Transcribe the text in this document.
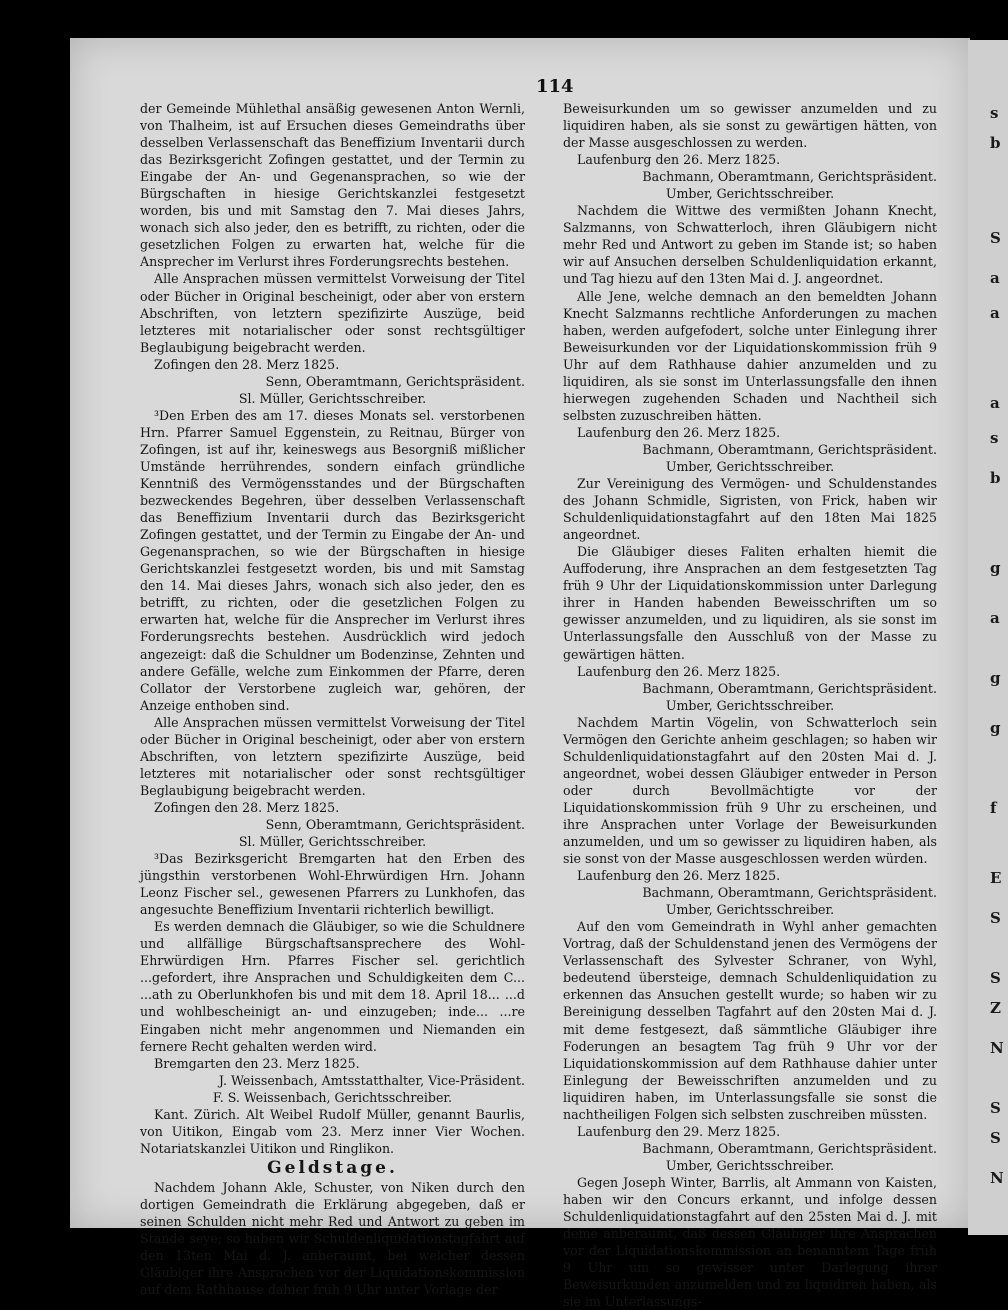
s
b
S
a
a
a
s
b
g
a
g
g
f
E
S
S
Z
N
S
S
N
114

der Gemeinde Mühlethal ansäßig gewesenen Anton Wernli, von Thalheim, ist auf Ersuchen dieses Gemeindraths über desselben Verlassenschaft das Beneffizium Inventarii durch das Bezirksgericht Zofingen gestattet, und der Termin zu Eingabe der An- und Gegenansprachen, so wie der Bürgschaften in hiesige Gerichtskanzlei festgesetzt worden, bis und mit Samstag den 7. Mai dieses Jahrs, wonach sich also jeder, den es betrifft, zu richten, oder die gesetzlichen Folgen zu erwarten hat, welche für die Ansprecher im Verlurst ihres Forderungsrechts bestehen.

Alle Ansprachen müssen vermittelst Vorweisung der Titel oder Bücher in Original bescheinigt, oder aber von erstern Abschriften, von letztern spezifizirte Auszüge, beid letzteres mit notarialischer oder sonst rechtsgültiger Beglaubigung beigebracht werden.

Zofingen den 28. Merz 1825.

Senn, Oberamtmann, Gerichtspräsident.

Sl. Müller, Gerichtsschreiber.

³Den Erben des am 17. dieses Monats sel. verstorbenen Hrn. Pfarrer Samuel Eggenstein, zu Reitnau, Bürger von Zofingen, ist auf ihr, keineswegs aus Besorgniß mißlicher Umstände herrührendes, sondern einfach gründliche Kenntniß des Vermögensstandes und der Bürgschaften bezweckendes Begehren, über desselben Verlassenschaft das Beneffizium Inventarii durch das Bezirksgericht Zofingen gestattet, und der Termin zu Eingabe der An- und Gegenansprachen, so wie der Bürgschaften in hiesige Gerichtskanzlei festgesetzt worden, bis und mit Samstag den 14. Mai dieses Jahrs, wonach sich also jeder, den es betrifft, zu richten, oder die gesetzlichen Folgen zu erwarten hat, welche für die Ansprecher im Verlurst ihres Forderungsrechts bestehen. Ausdrücklich wird jedoch angezeigt: daß die Schuldner um Bodenzinse, Zehnten und andere Gefälle, welche zum Einkommen der Pfarre, deren Collator der Verstorbene zugleich war, gehören, der Anzeige enthoben sind.

Alle Ansprachen müssen vermittelst Vorweisung der Titel oder Bücher in Original bescheinigt, oder aber von erstern Abschriften, von letztern spezifizirte Auszüge, beid letzteres mit notarialischer oder sonst rechtsgültiger Beglaubigung beigebracht werden.

Zofingen den 28. Merz 1825.

Senn, Oberamtmann, Gerichtspräsident.

Sl. Müller, Gerichtsschreiber.

³Das Bezirksgericht Bremgarten hat den Erben des jüngsthin verstorbenen Wohl-Ehrwürdigen Hrn. Johann Leonz Fischer sel., gewesenen Pfarrers zu Lunkhofen, das angesuchte Beneffizium Inventarii richterlich bewilligt.

Es werden demnach die Gläubiger, so wie die Schuldnere und allfällige Bürgschaftsansprechere des Wohl-Ehrwürdigen Hrn. Pfarres Fischer sel. gerichtlich ...gefordert, ihre Ansprachen und Schuldigkeiten dem C... ...ath zu Oberlunkhofen bis und mit dem 18. April 18... ...d und wohlbescheinigt an- und einzugeben; inde... ...re Eingaben nicht mehr angenommen und Niemanden ein fernere Recht gehalten werden wird.

Bremgarten den 23. Merz 1825.

J. Weissenbach, Amtsstatthalter, Vice-Präsident.

F. S. Weissenbach, Gerichtsschreiber.

Kant. Zürich. Alt Weibel Rudolf Müller, genannt Baurlis, von Uitikon, Eingab vom 23. Merz inner Vier Wochen. Notariatskanzlei Uitikon und Ringlikon.

Geldstage.

Nachdem Johann Akle, Schuster, von Niken durch den dortigen Gemeindrath die Erklärung abgegeben, daß er seinen Schulden nicht mehr Red und Antwort zu geben im Stande seye; so haben wir Schuldenliquidationstagfahrt auf den 13ten Mai d. J. anberaumt, bei welcher dessen Gläubiger ihre Ansprachen vor der Liquidationskommission auf dem Rathhause dahier früh 9 Uhr unter Vorlage der

Beweisurkunden um so gewisser anzumelden und zu liquidiren haben, als sie sonst zu gewärtigen hätten, von der Masse ausgeschlossen zu werden.

Laufenburg den 26. Merz 1825.

Bachmann, Oberamtmann, Gerichtspräsident.

Umber, Gerichtsschreiber.

Nachdem die Wittwe des vermißten Johann Knecht, Salzmanns, von Schwatterloch, ihren Gläubigern nicht mehr Red und Antwort zu geben im Stande ist; so haben wir auf Ansuchen derselben Schuldenliquidation erkannt, und Tag hiezu auf den 13ten Mai d. J. angeordnet.

Alle Jene, welche demnach an den bemeldten Johann Knecht Salzmanns rechtliche Anforderungen zu machen haben, werden aufgefodert, solche unter Einlegung ihrer Beweisurkunden vor der Liquidationskommission früh 9 Uhr auf dem Rathhause dahier anzumelden und zu liquidiren, als sie sonst im Unterlassungsfalle den ihnen hierwegen zugehenden Schaden und Nachtheil sich selbsten zuzuschreiben hätten.

Laufenburg den 26. Merz 1825.

Bachmann, Oberamtmann, Gerichtspräsident.

Umber, Gerichtsschreiber.

Zur Vereinigung des Vermögen- und Schuldenstandes des Johann Schmidle, Sigristen, von Frick, haben wir Schuldenliquidationstagfahrt auf den 18ten Mai 1825 angeordnet.

Die Gläubiger dieses Faliten erhalten hiemit die Auffoderung, ihre Ansprachen an dem festgesetzten Tag früh 9 Uhr der Liquidationskommission unter Darlegung ihrer in Handen habenden Beweisschriften um so gewisser anzumelden, und zu liquidiren, als sie sonst im Unterlassungsfalle den Ausschluß von der Masse zu gewärtigen hätten.

Laufenburg den 26. Merz 1825.

Bachmann, Oberamtmann, Gerichtspräsident.

Umber, Gerichtsschreiber.

Nachdem Martin Vögelin, von Schwatterloch sein Vermögen den Gerichte anheim geschlagen; so haben wir Schuldenliquidationstagfahrt auf den 20sten Mai d. J. angeordnet, wobei dessen Gläubiger entweder in Person oder durch Bevollmächtigte vor der Liquidationskommission früh 9 Uhr zu erscheinen, und ihre Ansprachen unter Vorlage der Beweisurkunden anzumelden, und um so gewisser zu liquidiren haben, als sie sonst von der Masse ausgeschlossen werden würden.

Laufenburg den 26. Merz 1825.

Bachmann, Oberamtmann, Gerichtspräsident.

Umber, Gerichtsschreiber.

Auf den vom Gemeindrath in Wyhl anher gemachten Vortrag, daß der Schuldenstand jenen des Vermögens der Verlassenschaft des Sylvester Schraner, von Wyhl, bedeutend übersteige, demnach Schuldenliquidation zu erkennen das Ansuchen gestellt wurde; so haben wir zu Bereinigung desselben Tagfahrt auf den 20sten Mai d. J. mit deme festgesezt, daß sämmtliche Gläubiger ihre Foderungen an besagtem Tag früh 9 Uhr vor der Liquidationskommission auf dem Rathhause dahier unter Einlegung der Beweisschriften anzumelden und zu liquidiren haben, im Unterlassungsfalle sie sonst die nachtheiligen Folgen sich selbsten zuschreiben müssten.

Laufenburg den 29. Merz 1825.

Bachmann, Oberamtmann, Gerichtspräsident.

Umber, Gerichtsschreiber.

Gegen Joseph Winter, Barrlis, alt Ammann von Kaisten, haben wir den Concurs erkannt, und infolge dessen Schuldenliquidationstagfahrt auf den 25sten Mai d. J. mit deme anberaumt, daß dessen Gläubiger ihre Ansprachen vor der Liquidationskommission an benanntem Tage früh 9 Uhr um so gewisser unter Darlegung ihrer Beweisurkunden anzumelden und zu liquidiren haben, als sie im Unterlassungs-
